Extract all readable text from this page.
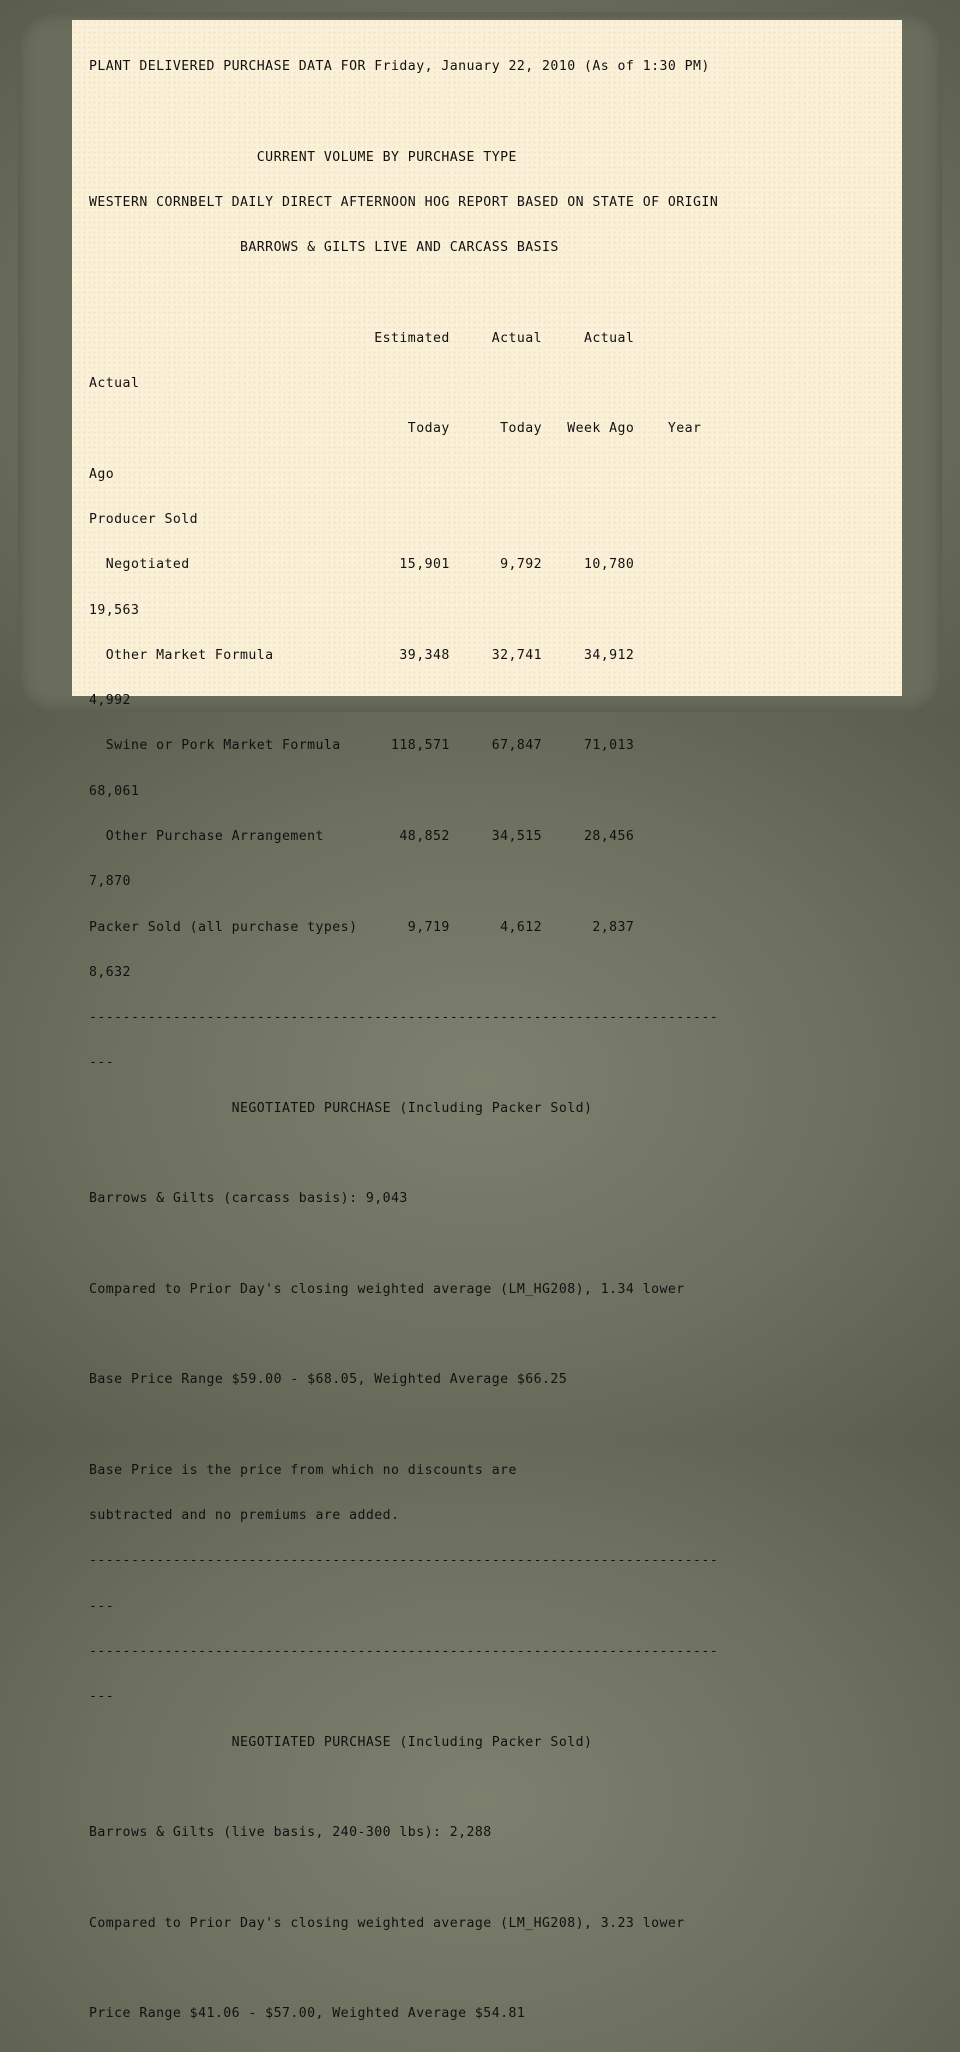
PLANT DELIVERED PURCHASE DATA FOR Friday, January 22, 2010 (As of 1:30 PM)

CURRENT VOLUME BY PURCHASE TYPE

WESTERN CORNBELT DAILY DIRECT AFTERNOON HOG REPORT BASED ON STATE OF ORIGIN

BARROWS & GILTS LIVE AND CARCASS BASIS

Estimated     Actual     Actual

Actual

Today      Today   Week Ago    Year

Ago

Producer Sold

Negotiated                         15,901      9,792     10,780

19,563

Other Market Formula               39,348     32,741     34,912

4,992

Swine or Pork Market Formula      118,571     67,847     71,013

68,061

Other Purchase Arrangement         48,852     34,515     28,456

7,870

Packer Sold (all purchase types)      9,719      4,612      2,837

8,632

---------------------------------------------------------------------------

---

NEGOTIATED PURCHASE (Including Packer Sold)

Barrows & Gilts (carcass basis): 9,043

Compared to Prior Day's closing weighted average (LM_HG208), 1.34 lower

Base Price Range $59.00 - $68.05, Weighted Average $66.25

Base Price is the price from which no discounts are

subtracted and no premiums are added.

---------------------------------------------------------------------------

---

---------------------------------------------------------------------------

---

NEGOTIATED PURCHASE (Including Packer Sold)

Barrows & Gilts (live basis, 240-300 lbs): 2,288

Compared to Prior Day's closing weighted average (LM_HG208), 3.23 lower

Price Range $41.06 - $57.00, Weighted Average $54.81
